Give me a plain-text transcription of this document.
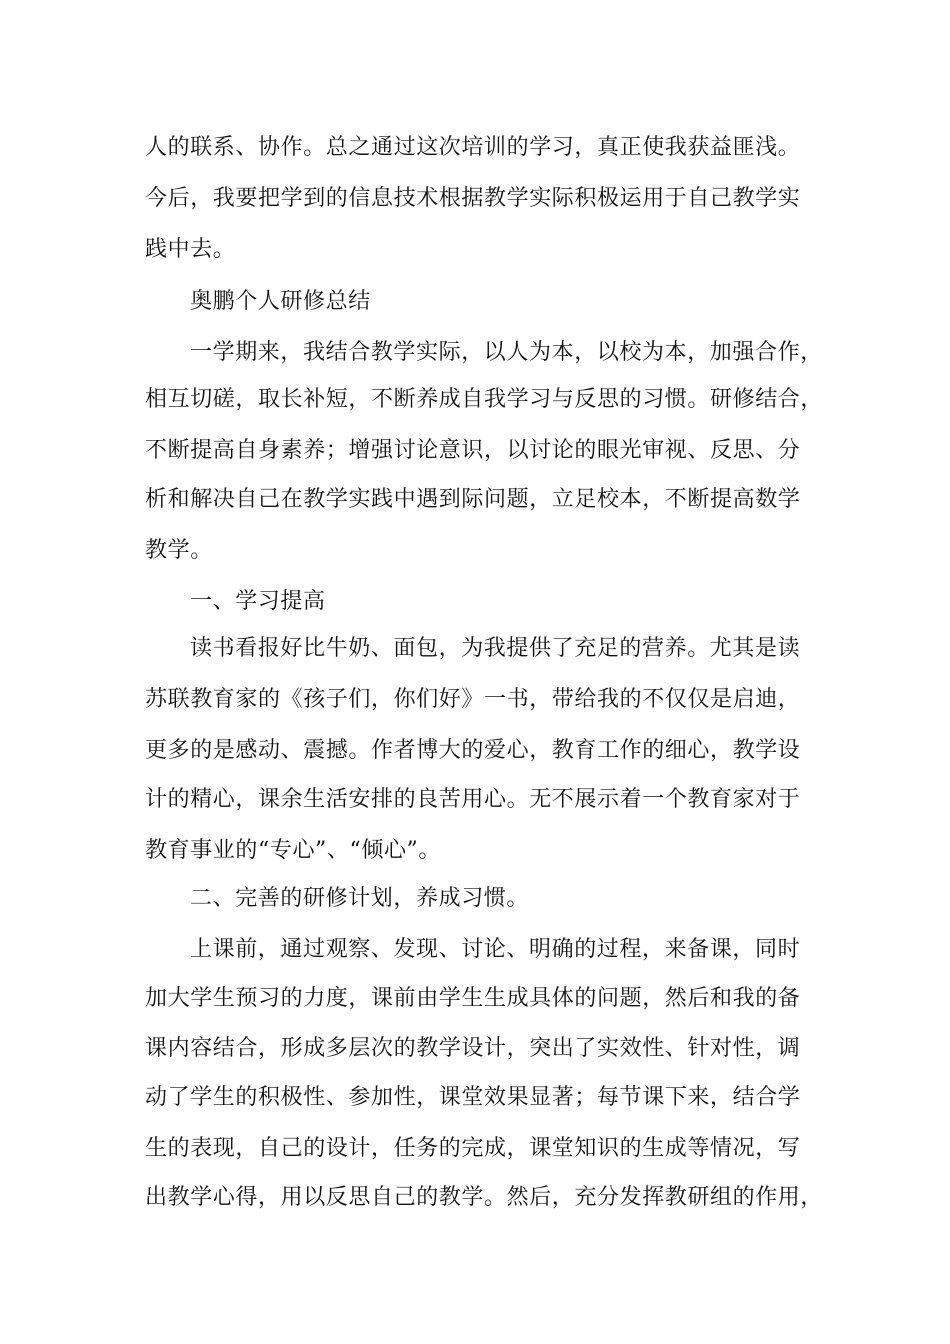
人的联系、协作。总之通过这次培训的学习，真正使我获益匪浅。
今后，我要把学到的信息技术根据教学实际积极运用于自己教学实
践中去。
奥鹏个人研修总结
一学期来，我结合教学实际，以人为本，以校为本，加强合作，
相互切磋，取长补短，不断养成自我学习与反思的习惯。研修结合，
不断提高自身素养；增强讨论意识，以讨论的眼光审视、反思、分
析和解决自己在教学实践中遇到际问题，立足校本，不断提高数学
教学。
一、学习提高
读书看报好比牛奶、面包，为我提供了充足的营养。尤其是读
苏联教育家的《孩子们，你们好》一书，带给我的不仅仅是启迪，
更多的是感动、震撼。作者博大的爱心，教育工作的细心，教学设
计的精心，课余生活安排的良苦用心。无不展示着一个教育家对于
教育事业的“专心”、“倾心”。
二、完善的研修计划，养成习惯。
上课前，通过观察、发现、讨论、明确的过程，来备课，同时
加大学生预习的力度，课前由学生生成具体的问题，然后和我的备
课内容结合，形成多层次的教学设计，突出了实效性、针对性，调
动了学生的积极性、参加性，课堂效果显著；每节课下来，结合学
生的表现，自己的设计，任务的完成，课堂知识的生成等情况，写
出教学心得，用以反思自己的教学。然后，充分发挥教研组的作用，
